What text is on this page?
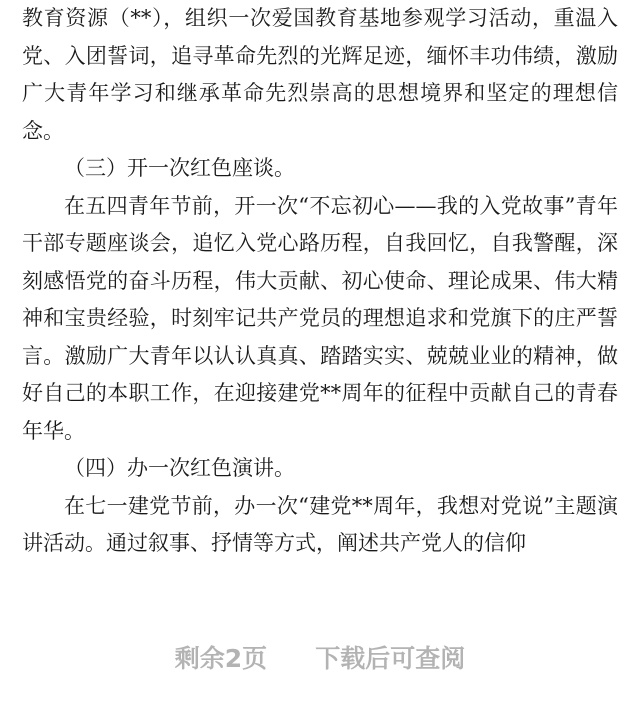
教育资源（**），组织一次爱国教育基地参观学习活动，重温入党、入团誓词，追寻革命先烈的光辉足迹，缅怀丰功伟绩，激励广大青年学习和继承革命先烈崇高的思想境界和坚定的理想信念。

（三）开一次红色座谈。

在五四青年节前，开一次“不忘初心——我的入党故事”青年干部专题座谈会，追忆入党心路历程，自我回忆，自我警醒，深刻感悟党的奋斗历程，伟大贡献、初心使命、理论成果、伟大精神和宝贵经验，时刻牢记共产党员的理想追求和党旗下的庄严誓言。激励广大青年以认认真真、踏踏实实、兢兢业业的精神，做好自己的本职工作，在迎接建党**周年的征程中贡献自己的青春年华。

（四）办一次红色演讲。

在七一建党节前，办一次“建党**周年，我想对党说”主题演讲活动。通过叙事、抒情等方式，阐述共产党人的信仰

剩余2页 下载后可查阅
